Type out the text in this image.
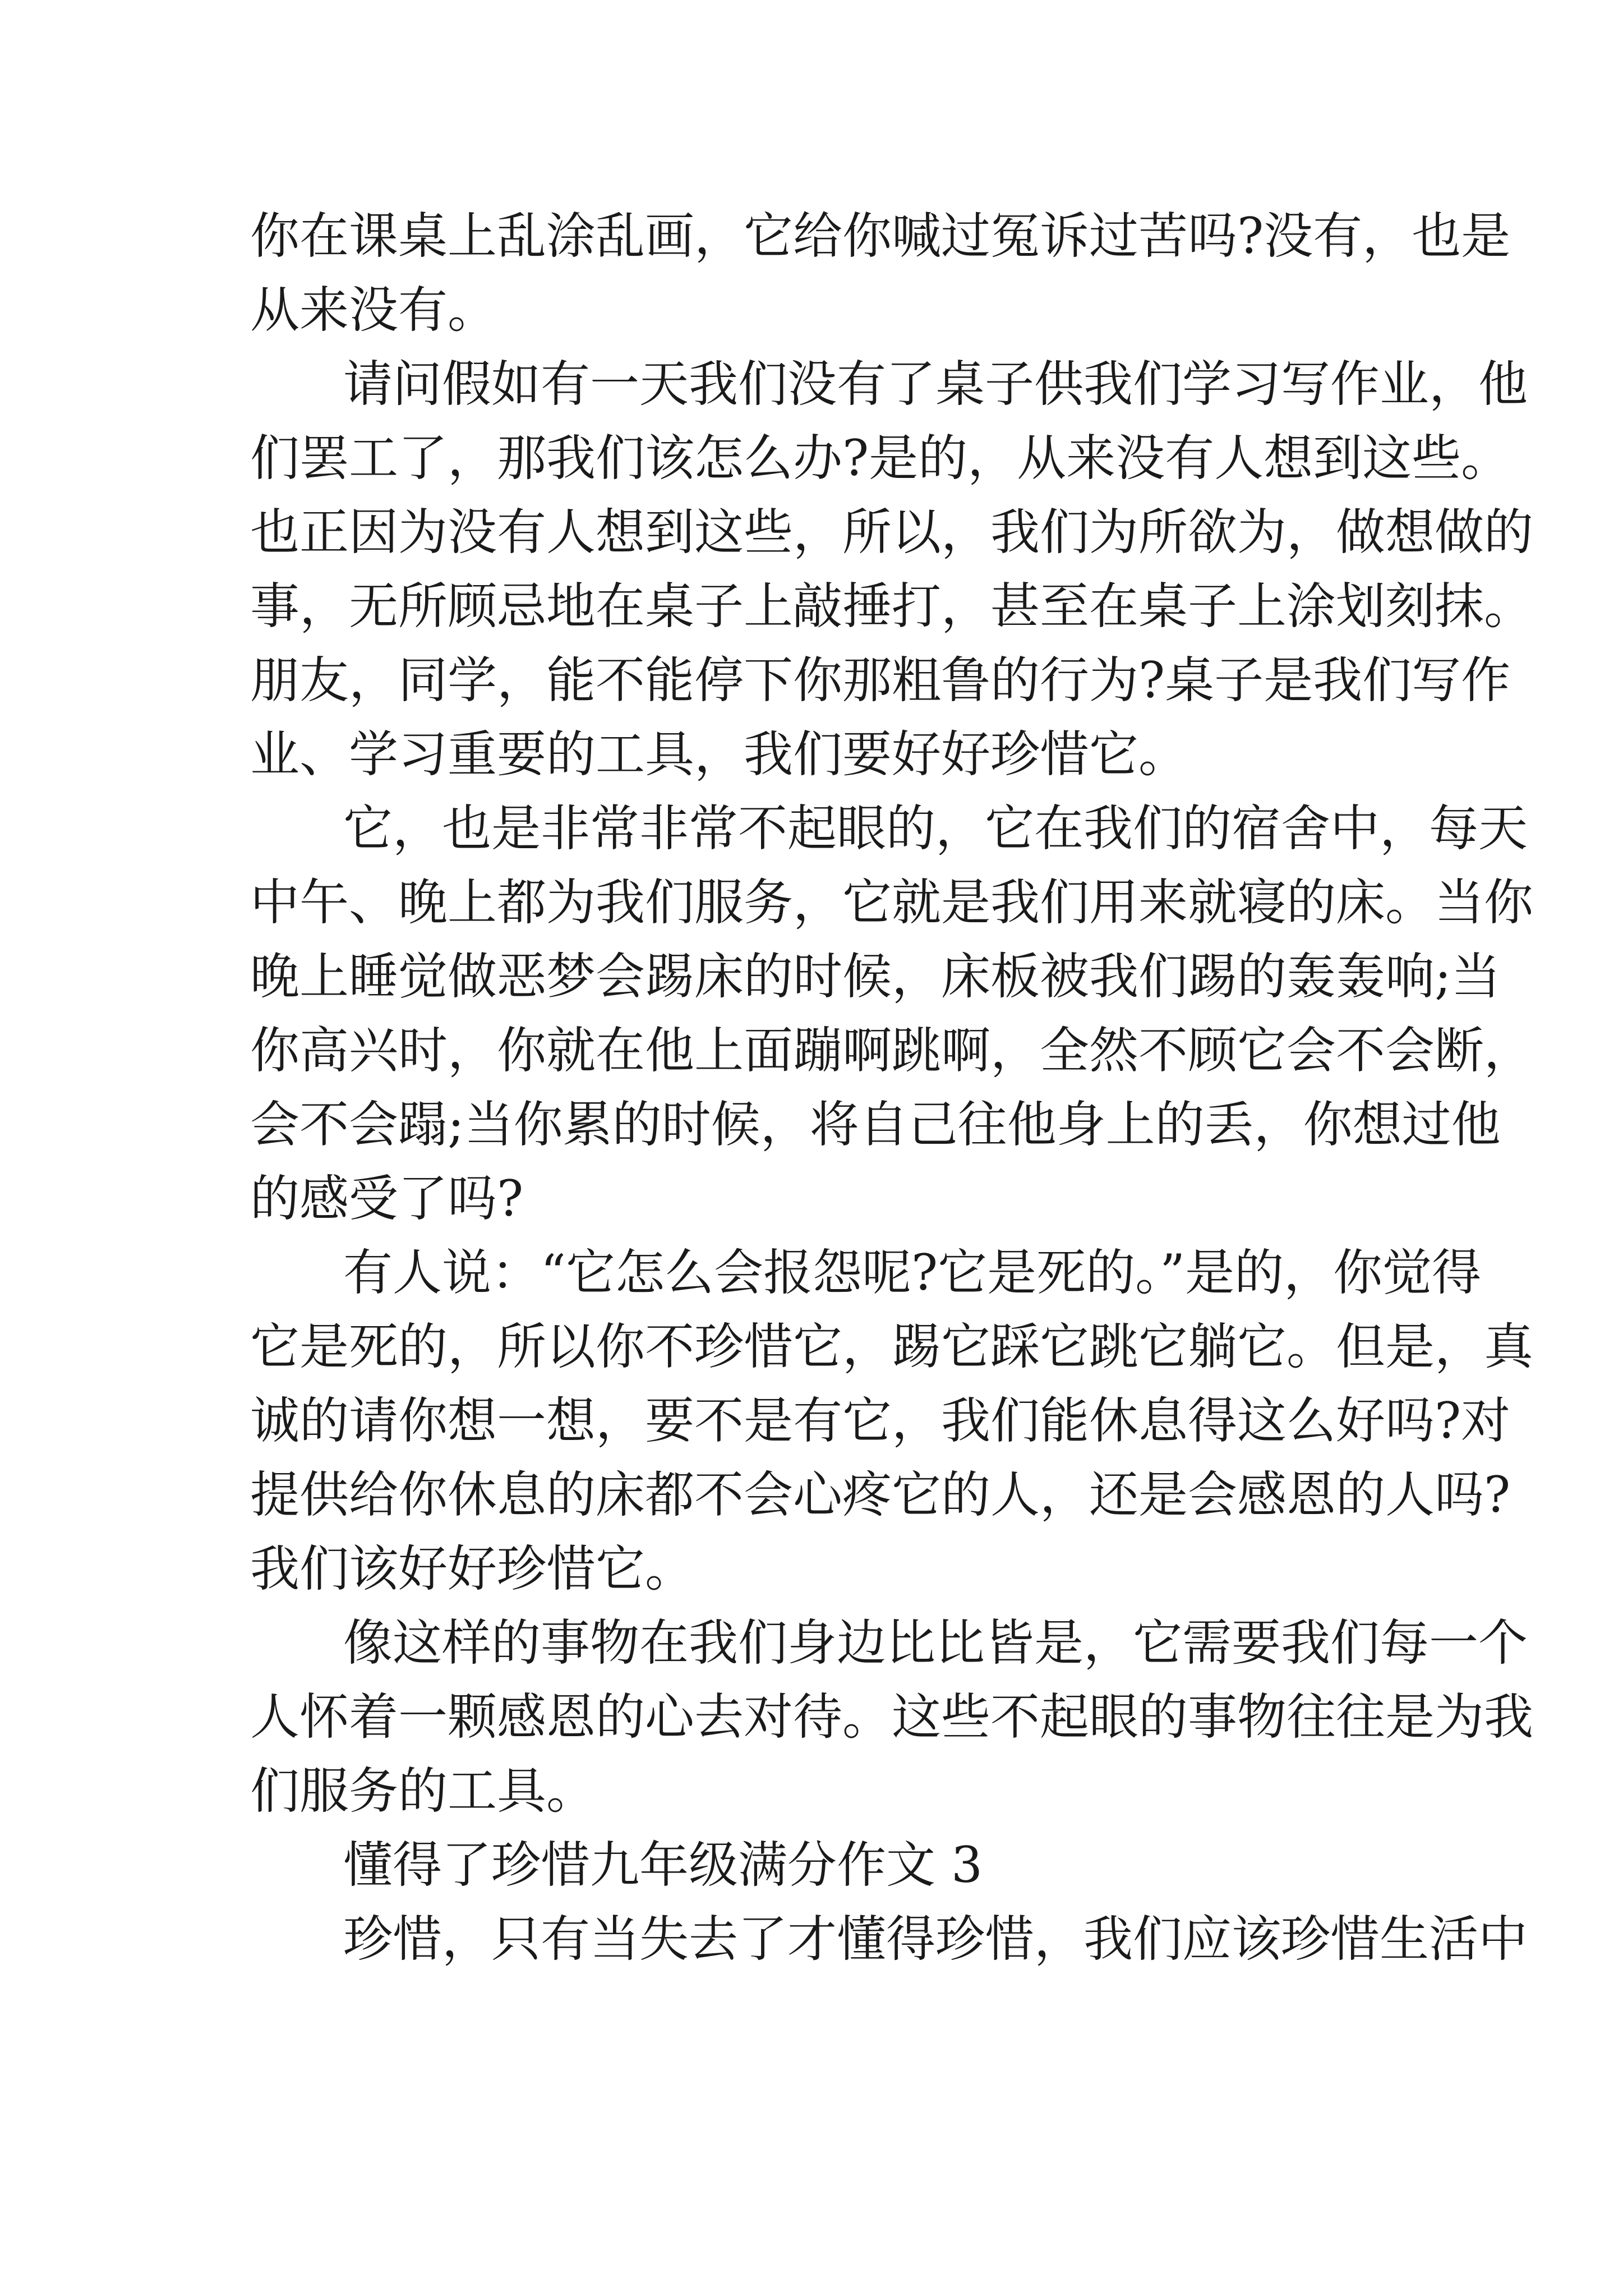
你在课桌上乱涂乱画，它给你喊过冤诉过苦吗?没有，也是
从来没有。
请问假如有一天我们没有了桌子供我们学习写作业，他
们罢工了，那我们该怎么办?是的，从来没有人想到这些。
也正因为没有人想到这些，所以，我们为所欲为，做想做的
事，无所顾忌地在桌子上敲捶打，甚至在桌子上涂划刻抹。
朋友，同学，能不能停下你那粗鲁的行为?桌子是我们写作
业、学习重要的工具，我们要好好珍惜它。
它，也是非常非常不起眼的，它在我们的宿舍中，每天
中午、晚上都为我们服务，它就是我们用来就寝的床。当你
晚上睡觉做恶梦会踢床的时候，床板被我们踢的轰轰响;当
你高兴时，你就在他上面蹦啊跳啊，全然不顾它会不会断，
会不会蹋;当你累的时候，将自己往他身上的丢，你想过他
的感受了吗?
有人说：“它怎么会报怨呢?它是死的。”是的，你觉得
它是死的，所以你不珍惜它，踢它踩它跳它躺它。但是，真
诚的请你想一想，要不是有它，我们能休息得这么好吗?对
提供给你休息的床都不会心疼它的人，还是会感恩的人吗?
我们该好好珍惜它。
像这样的事物在我们身边比比皆是，它需要我们每一个
人怀着一颗感恩的心去对待。这些不起眼的事物往往是为我
们服务的工具。
懂得了珍惜九年级满分作文 3
珍惜，只有当失去了才懂得珍惜，我们应该珍惜生活中
